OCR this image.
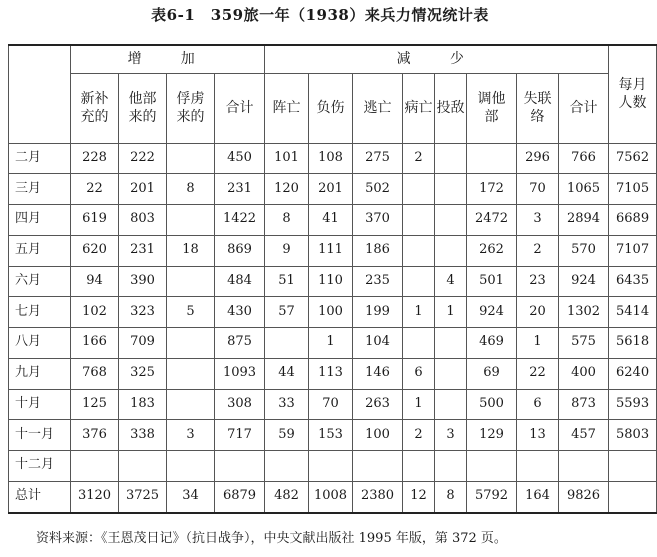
表6-1　359旅一年（1938）来兵力情况统计表
	增　加				减　少								每月人数
	新补充的	他部来的	俘虏来的	合计	阵亡	负伤	逃亡	病亡	投敌	调他部	失联络	合计	
二月	228	222		450	101	108	275	2			296	766	7562
三月	22	201	8	231	120	201	502			172	70	1065	7105
四月	619	803		1422	8	41	370			2472	3	2894	6689
五月	620	231	18	869	9	111	186			262	2	570	7107
六月	94	390		484	51	110	235		4	501	23	924	6435
七月	102	323	5	430	57	100	199	1	1	924	20	1302	5414
八月	166	709		875		1	104			469	1	575	5618
九月	768	325		1093	44	113	146	6		69	22	400	6240
十月	125	183		308	33	70	263	1		500	6	873	5593
十一月	376	338	3	717	59	153	100	2	3	129	13	457	5803
十二月													
总计	3120	3725	34	6879	482	1008	2380	12	8	5792	164	9826	
资料来源：《王恩茂日记》（抗日战争），中央文献出版社 1995 年版，第 372 页。
